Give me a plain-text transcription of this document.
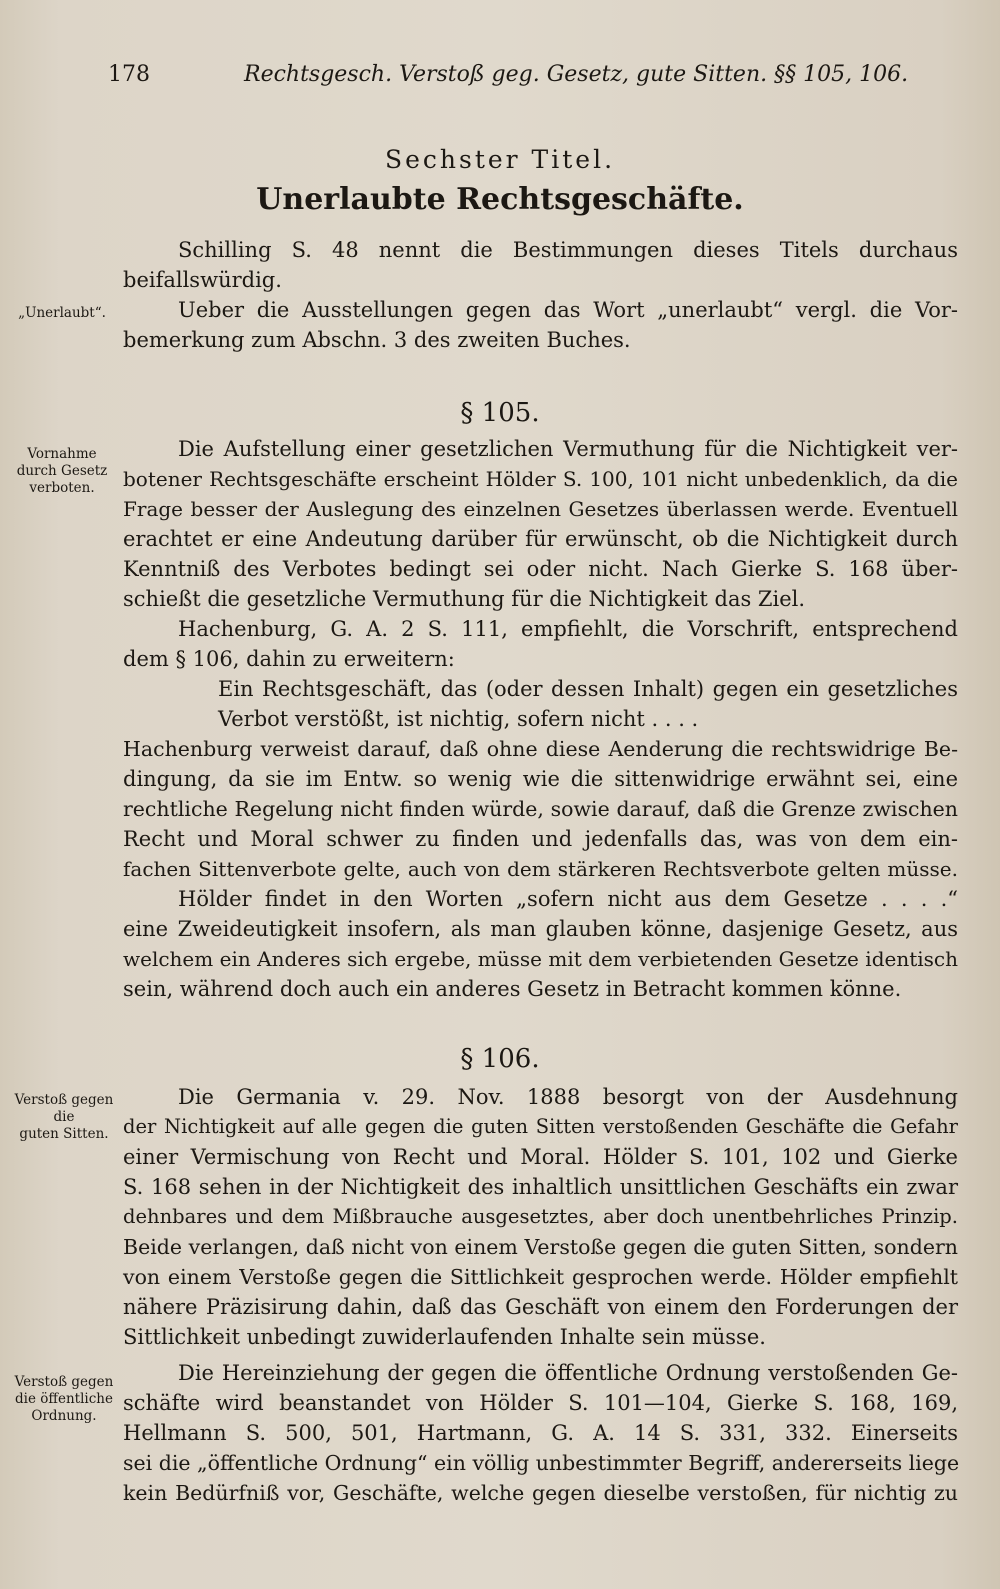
178	Rechtsgesch. Verstoß geg. Gesetz, gute Sitten. §§ 105, 106.
Sechster Titel.
Unerlaubte Rechtsgeschäfte.
Schilling S. 48 nennt die Bestimmungen dieses Titels durchaus
beifallswürdig.
Ueber die Ausstellungen gegen das Wort „unerlaubt“ vergl. die Vor-
bemerkung zum Abschn. 3 des zweiten Buches.
§ 105.
Die Aufstellung einer gesetzlichen Vermuthung für die Nichtigkeit ver-
botener Rechtsgeschäfte erscheint Hölder S. 100, 101 nicht unbedenklich, da die
Frage besser der Auslegung des einzelnen Gesetzes überlassen werde. Eventuell
erachtet er eine Andeutung darüber für erwünscht, ob die Nichtigkeit durch
Kenntniß des Verbotes bedingt sei oder nicht. Nach Gierke S. 168 über-
schießt die gesetzliche Vermuthung für die Nichtigkeit das Ziel.
Hachenburg, G. A. 2 S. 111, empfiehlt, die Vorschrift, entsprechend
dem § 106, dahin zu erweitern:
Ein Rechtsgeschäft, das (oder dessen Inhalt) gegen ein gesetzliches
Verbot verstößt, ist nichtig, sofern nicht . . . .
Hachenburg verweist darauf, daß ohne diese Aenderung die rechtswidrige Be-
dingung, da sie im Entw. so wenig wie die sittenwidrige erwähnt sei, eine
rechtliche Regelung nicht finden würde, sowie darauf, daß die Grenze zwischen
Recht und Moral schwer zu finden und jedenfalls das, was von dem ein-
fachen Sittenverbote gelte, auch von dem stärkeren Rechtsverbote gelten müsse.
Hölder findet in den Worten „sofern nicht aus dem Gesetze . . . .“
eine Zweideutigkeit insofern, als man glauben könne, dasjenige Gesetz, aus
welchem ein Anderes sich ergebe, müsse mit dem verbietenden Gesetze identisch
sein, während doch auch ein anderes Gesetz in Betracht kommen könne.
§ 106.
Die Germania v. 29. Nov. 1888 besorgt von der Ausdehnung
der Nichtigkeit auf alle gegen die guten Sitten verstoßenden Geschäfte die Gefahr
einer Vermischung von Recht und Moral. Hölder S. 101, 102 und Gierke
S. 168 sehen in der Nichtigkeit des inhaltlich unsittlichen Geschäfts ein zwar
dehnbares und dem Mißbrauche ausgesetztes, aber doch unentbehrliches Prinzip.
Beide verlangen, daß nicht von einem Verstoße gegen die guten Sitten, sondern
von einem Verstoße gegen die Sittlichkeit gesprochen werde. Hölder empfiehlt
nähere Präzisirung dahin, daß das Geschäft von einem den Forderungen der
Sittlichkeit unbedingt zuwiderlaufenden Inhalte sein müsse.
Die Hereinziehung der gegen die öffentliche Ordnung verstoßenden Ge-
schäfte wird beanstandet von Hölder S. 101—104, Gierke S. 168, 169,
Hellmann S. 500, 501, Hartmann, G. A. 14 S. 331, 332. Einerseits
sei die „öffentliche Ordnung“ ein völlig unbestimmter Begriff, andererseits liege
kein Bedürfniß vor, Geschäfte, welche gegen dieselbe verstoßen, für nichtig zu
„Unerlaubt“.
Vornahme
durch Gesetz
verboten.
Verstoß gegen
die
guten Sitten.
Verstoß gegen
die öffentliche
Ordnung.
